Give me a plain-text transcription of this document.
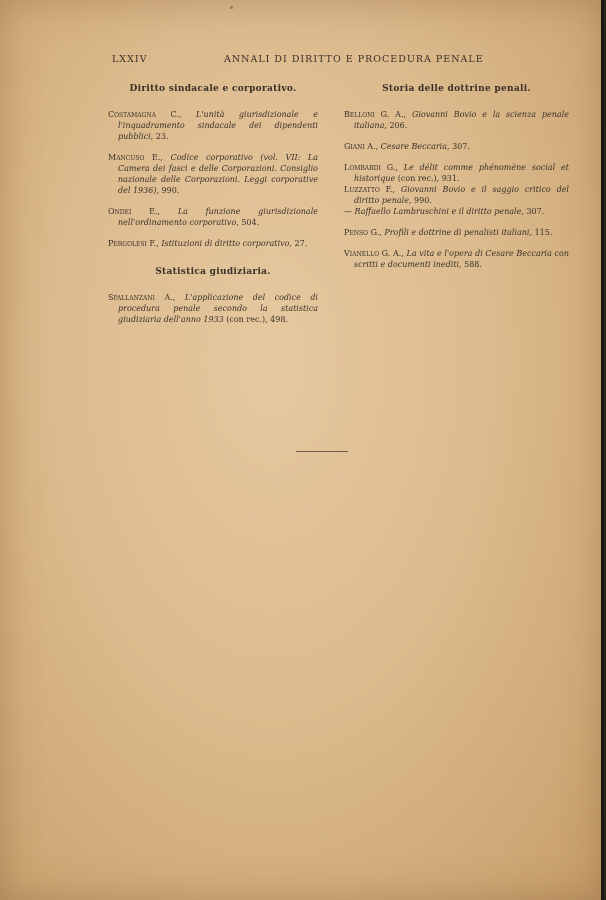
LXXIV	ANNALI DI DIRITTO E PROCEDURA PENALE
Diritto sindacale e corporativo.
Costamagna C., L'unità giurisdizionale e l'inquadramento sindacale dei dipendenti pubblici, 23.
Mancuso E., Codice corporativo (vol. VII: La Camera dei fasci e delle Corporazioni. Consiglio nazionale delle Corporazioni. Leggi corporative del 1936), 990.
Ondei E., La funzione giurisdizionale nell'ordinamento corporativo, 504.
Pergolesi F., Istituzioni di diritto corporativo, 27.
Statistica giudiziaria.
Spallanzani A., L'applicazione del codice di procedura penale secondo la statistica giudiziaria dell'anno 1933 (con rec.), 498.
Storia delle dottrine penali.
Belloni G. A., Giovanni Bovio e la scienza penale italiana, 206.
Giani A., Cesare Beccaria, 307.
Lombardi G., Le délit comme phénomène social et historique (con rec.), 931.
Luzzatto F., Giovanni Bovio e il saggio critico del diritto penale, 990.
— Raffaello Lambruschini e il diritto penale, 307.
Penso G., Profili e dottrine di penalisti italiani, 115.
Vianello G. A., La vita e l'opera di Cesare Beccaria con scritti e documenti inediti, 588.
